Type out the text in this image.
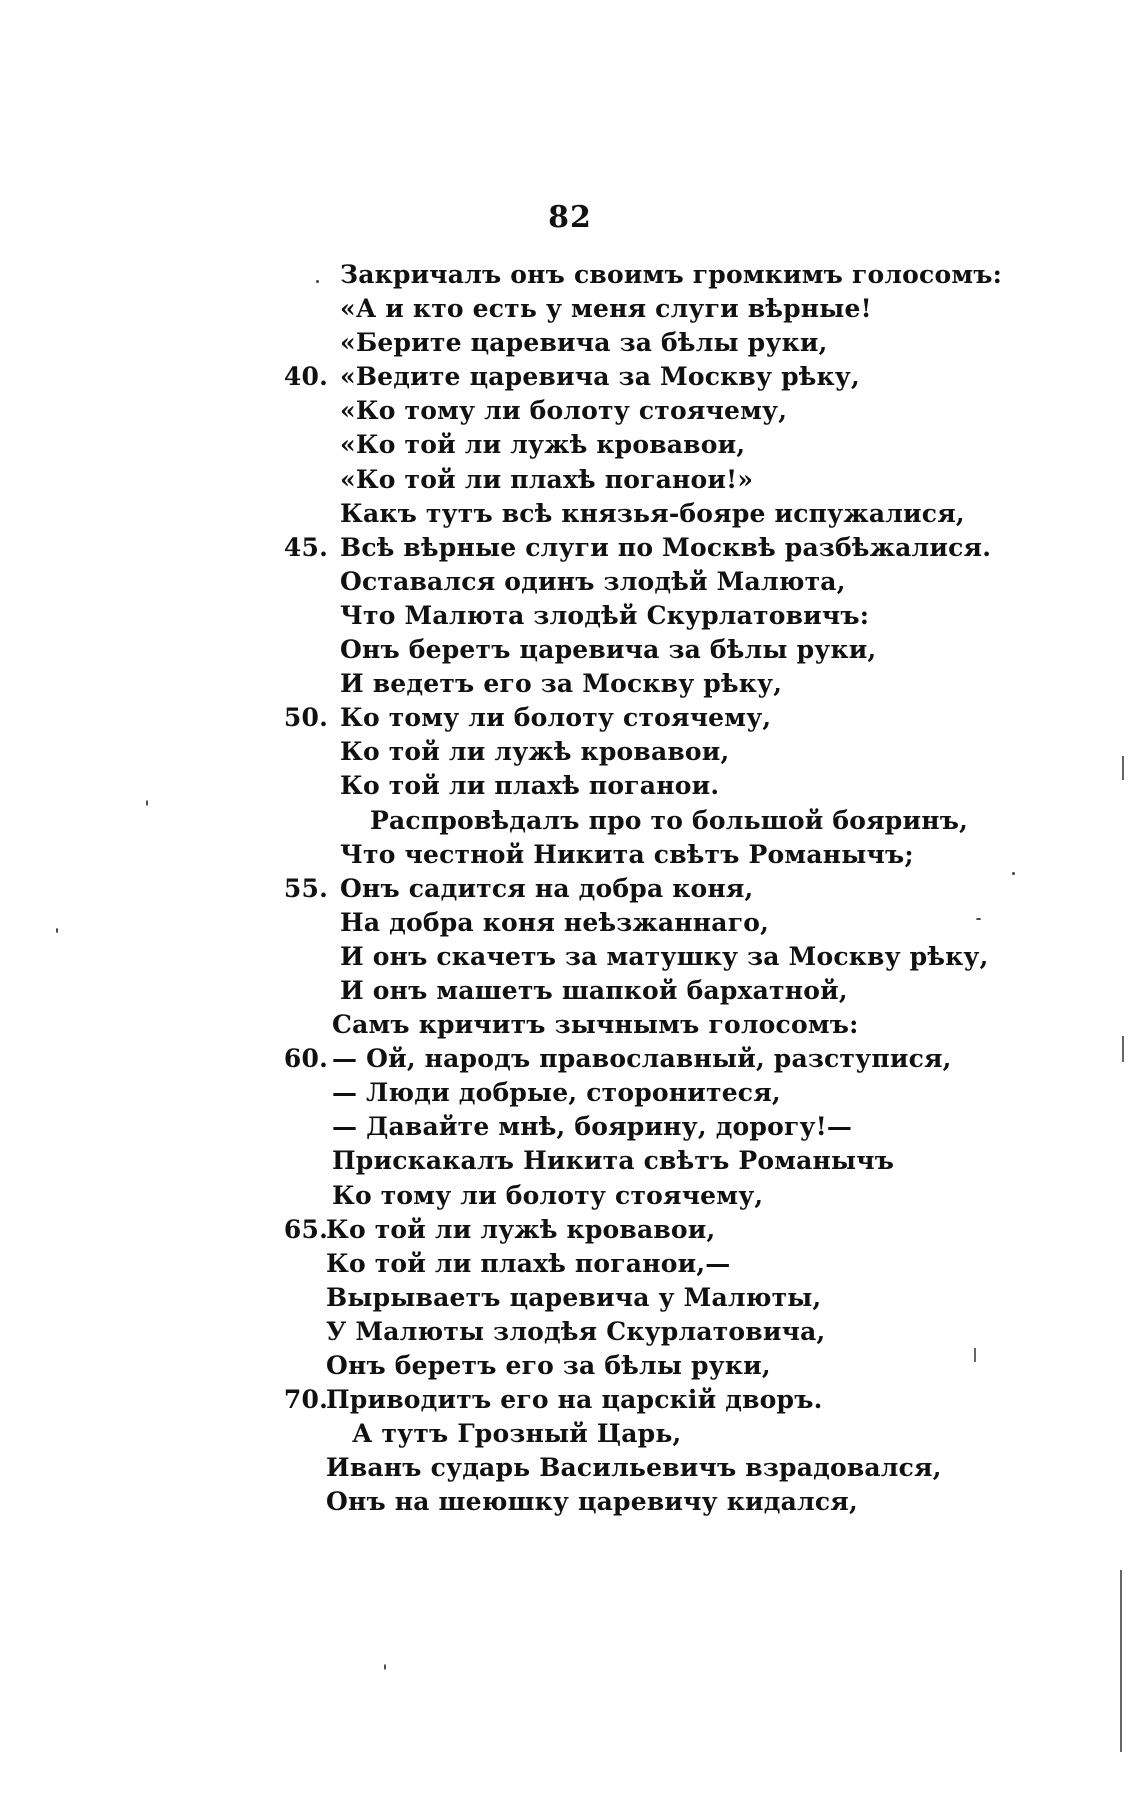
82
Закричалъ онъ своимъ громкимъ голосомъ:
«А и кто есть у меня слуги вѣрные!
«Берите царевича за бѣлы руки,
40. «Ведите царевича за Москву рѣку,
«Ко тому ли болоту стоячему,
«Ко той ли лужѣ кровавои,
«Ко той ли плахѣ поганои!»
Какъ тутъ всѣ князья-бояре испужалися,
45. Всѣ вѣрные слуги по Москвѣ разбѣжалися.
Оставался одинъ злодѣй Малюта,
Что Малюта злодѣй Скурлатовичъ:
Онъ беретъ царевича за бѣлы руки,
И ведетъ его за Москву рѣку,
50. Ко тому ли болоту стоячему,
Ко той ли лужѣ кровавои,
Ко той ли плахѣ поганои.
Распровѣдалъ про то большой бояринъ,
Что честной Никита свѣтъ Романычъ;
55. Онъ садится на добра коня,
На добра коня неѣзжаннаго,
И онъ скачетъ за матушку за Москву рѣку,
И онъ машетъ шапкой бархатной,
Самъ кричитъ зычнымъ голосомъ:
60. — Ой, народъ православный, разступися,
— Люди добрые, сторонитеся,
— Давайте мнѣ, боярину, дорогу!—
Прискакалъ Никита свѣтъ Романычъ
Ко тому ли болоту стоячему,
65.
Ко той ли лужѣ кровавои,
Ко той ли плахѣ поганои,—
Вырываетъ царевича у Малюты,
У Малюты злодѣя Скурлатовича,
Онъ беретъ его за бѣлы руки,
70.
Приводитъ его на царскій дворъ.
А тутъ Грозный Царь,
Иванъ сударь Васильевичъ взрадовался,
Онъ на шеюшку царевичу кидался,
